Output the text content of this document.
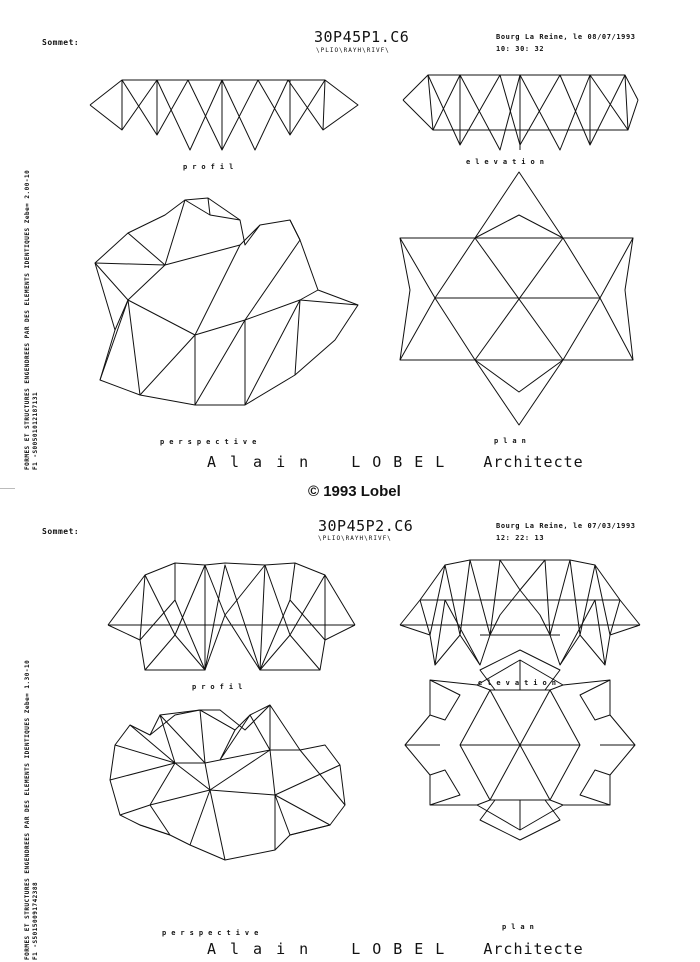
FORMES ET STRUCTURES ENGENDREES PAR DES ELEMENTS IDENTIQUES Zebe= 2.00-10 F1 -S00501012187131
Sommet:	30P45P1.C6
\PLIO\RAYH\RIVF\
Bourg La Reine, le 08/07/1993
10: 30: 32
profil
elevation
perspective	plan
Alain LOBEL Architecte
© 1993 Lobel
FORMES ET STRUCTURES ENGENDREES PAR DES ELEMENTS IDENTIQUES Zebe= 1.30-10 F1 -S50150091742388
Sommet:	30P45P2.C6
\PLIO\RAYH\RIVF\
Bourg La Reine, le 07/03/1993
12: 22: 13
profil	elevation
perspective
plan
Alain LOBEL Architecte
